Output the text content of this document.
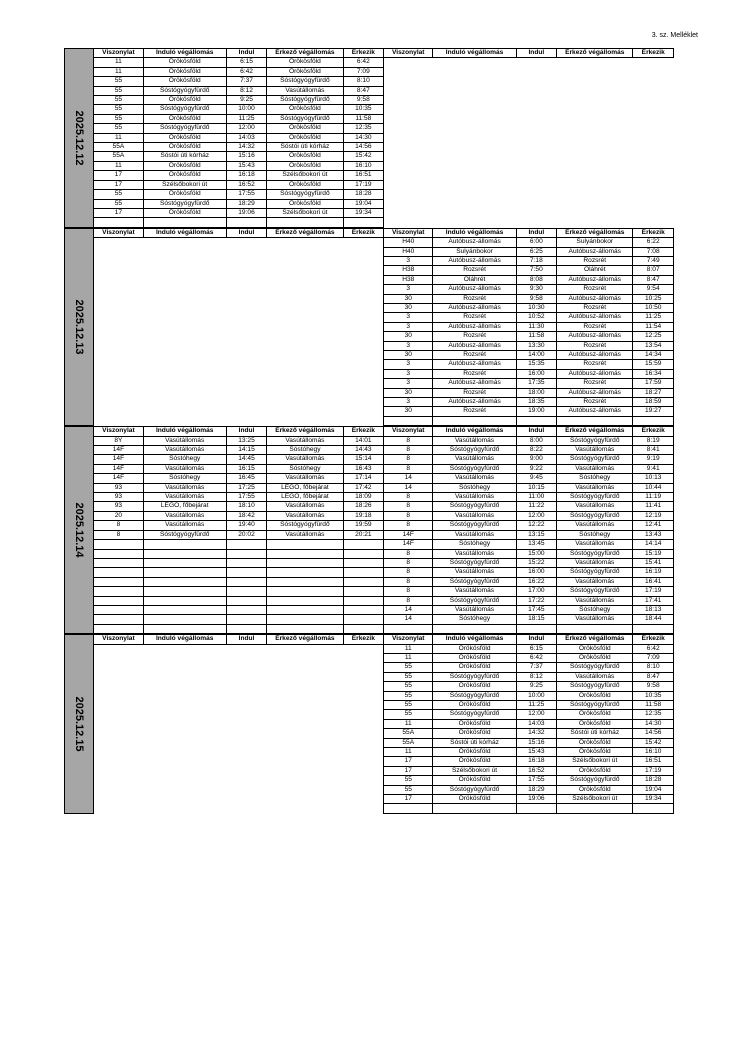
3. sz. Melléklet
2025.12.12	Viszonylat	Induló végállomás	Indul	Érkező végállomás	Érkezik	Viszonylat	Induló végállomás	Indul	Érkező végállomás	Érkezik
	11	Örökösföld	6:15	Örökösföld	6:42					
	11	Örökösföld	6:42	Örökösföld	7:09					
	55	Örökösföld	7:37	Sóstógyógyfürdő	8:10					
	55	Sóstógyógyfürdő	8:12	Vasútállomás	8:47					
	55	Örökösföld	9:25	Sóstógyógyfürdő	9:58					
	55	Sóstógyógyfürdő	10:00	Örökösföld	10:35					
	55	Örökösföld	11:25	Sóstógyógyfürdő	11:58					
	55	Sóstógyógyfürdő	12:00	Örökösföld	12:35					
	11	Örökösföld	14:03	Örökösföld	14:30					
	55A	Örökösföld	14:32	Sóstói úti kórház	14:56					
	55A	Sóstói úti kórház	15:16	Örökösföld	15:42					
	11	Örökösföld	15:43	Örökösföld	16:10					
	17	Örökösföld	16:18	Szélsőbokori út	16:51					
	17	Szélsőbokori út	16:52	Örökösföld	17:19					
	55	Örökösföld	17:55	Sóstógyógyfürdő	18:28					
	55	Sóstógyógyfürdő	18:29	Örökösföld	19:04					
	17	Örökösföld	19:06	Szélsőbokori út	19:34					

2025.12.13	Viszonylat	Induló végállomás	Indul	Érkező végállomás	Érkezik	Viszonylat	Induló végállomás	Indul	Érkező végállomás	Érkezik
						H40	Autóbusz-állomás	6:00	Sulyánbokor	6:22
						H40	Sulyánbokor	6:25	Autóbusz-állomás	7:08
						3	Autóbusz-állomás	7:18	Rozsrét	7:49
						H38	Rozsrét	7:50	Oláhrét	8:07
						H38	Oláhrét	8:08	Autóbusz-állomás	8:47
						3	Autóbusz-állomás	9:30	Rozsrét	9:54
						30	Rozsrét	9:58	Autóbusz-állomás	10:25
						30	Autóbusz-állomás	10:30	Rozsrét	10:50
						3	Rozsrét	10:52	Autóbusz-állomás	11:25
						3	Autóbusz-állomás	11:30	Rozsrét	11:54
						30	Rozsrét	11:58	Autóbusz-állomás	12:25
						3	Autóbusz-állomás	13:30	Rozsrét	13:54
						30	Rozsrét	14:00	Autóbusz-állomás	14:34
						3	Autóbusz-állomás	15:35	Rozsrét	15:59
						3	Rozsrét	16:00	Autóbusz-állomás	16:34
						3	Autóbusz-állomás	17:35	Rozsrét	17:59
						30	Rozsrét	18:00	Autóbusz-állomás	18:27
						3	Autóbusz-állomás	18:35	Rozsrét	18:59
						30	Rozsrét	19:00	Autóbusz-állomás	19:27

2025.12.14	Viszonylat	Induló végállomás	Indul	Érkező végállomás	Érkezik	Viszonylat	Induló végállomás	Indul	Érkező végállomás	Érkezik
	8Y	Vasútállomás	13:25	Vasútállomás	14:01	8	Vasútállomás	8:00	Sóstógyógyfürdő	8:19
	14F	Vasútállomás	14:15	Sóstóhegy	14:43	8	Sóstógyógyfürdő	8:22	Vasútállomás	8:41
	14F	Sóstóhegy	14:45	Vasútállomás	15:14	8	Vasútállomás	9:00	Sóstógyógyfürdő	9:19
	14F	Vasútállomás	16:15	Sóstóhegy	16:43	8	Sóstógyógyfürdő	9:22	Vasútállomás	9:41
	14F	Sóstóhegy	16:45	Vasútállomás	17:14	14	Vasútállomás	9:45	Sóstóhegy	10:13
	93	Vasútállomás	17:25	LEGO, főbejárat	17:42	14	Sóstóhegy	10:15	Vasútállomás	10:44
	93	Vasútállomás	17:55	LEGO, főbejárat	18:09	8	Vasútállomás	11:00	Sóstógyógyfürdő	11:19
	93	LEGO, főbejárat	18:10	Vasútállomás	18:26	8	Sóstógyógyfürdő	11:22	Vasútállomás	11:41
	20	Vasútállomás	18:42	Vasútállomás	19:18	8	Vasútállomás	12:00	Sóstógyógyfürdő	12:19
	8	Vasútállomás	19:40	Sóstógyógyfürdő	19:59	8	Sóstógyógyfürdő	12:22	Vasútállomás	12:41
	8	Sóstógyógyfürdő	20:02	Vasútállomás	20:21	14F	Vasútállomás	13:15	Sóstóhegy	13:43
						14F	Sóstóhegy	13:45	Vasútállomás	14:14
						8	Vasútállomás	15:00	Sóstógyógyfürdő	15:19
						8	Sóstógyógyfürdő	15:22	Vasútállomás	15:41
						8	Vasútállomás	16:00	Sóstógyógyfürdő	16:19
						8	Sóstógyógyfürdő	16:22	Vasútállomás	16:41
						8	Vasútállomás	17:00	Sóstógyógyfürdő	17:19
						8	Sóstógyógyfürdő	17:22	Vasútállomás	17:41
						14	Vasútállomás	17:45	Sóstóhegy	18:13
						14	Sóstóhegy	18:15	Vasútállomás	18:44

2025.12.15	Viszonylat	Induló végállomás	Indul	Érkező végállomás	Érkezik	Viszonylat	Induló végállomás	Indul	Érkező végállomás	Érkezik
						11	Örökösföld	6:15	Örökösföld	6:42
						11	Örökösföld	6:42	Örökösföld	7:09
						55	Örökösföld	7:37	Sóstógyógyfürdő	8:10
						55	Sóstógyógyfürdő	8:12	Vasútállomás	8:47
						55	Örökösföld	9:25	Sóstógyógyfürdő	9:58
						55	Sóstógyógyfürdő	10:00	Örökösföld	10:35
						55	Örökösföld	11:25	Sóstógyógyfürdő	11:58
						55	Sóstógyógyfürdő	12:00	Örökösföld	12:35
						11	Örökösföld	14:03	Örökösföld	14:30
						55A	Örökösföld	14:32	Sóstói úti kórház	14:56
						55A	Sóstói úti kórház	15:16	Örökösföld	15:42
						11	Örökösföld	15:43	Örökösföld	16:10
						17	Örökösföld	16:18	Szélsőbokori út	16:51
						17	Szélsőbokori út	16:52	Örökösföld	17:19
						55	Örökösföld	17:55	Sóstógyógyfürdő	18:28
						55	Sóstógyógyfürdő	18:29	Örökösföld	19:04
						17	Örökösföld	19:06	Szélsőbokori út	19:34
